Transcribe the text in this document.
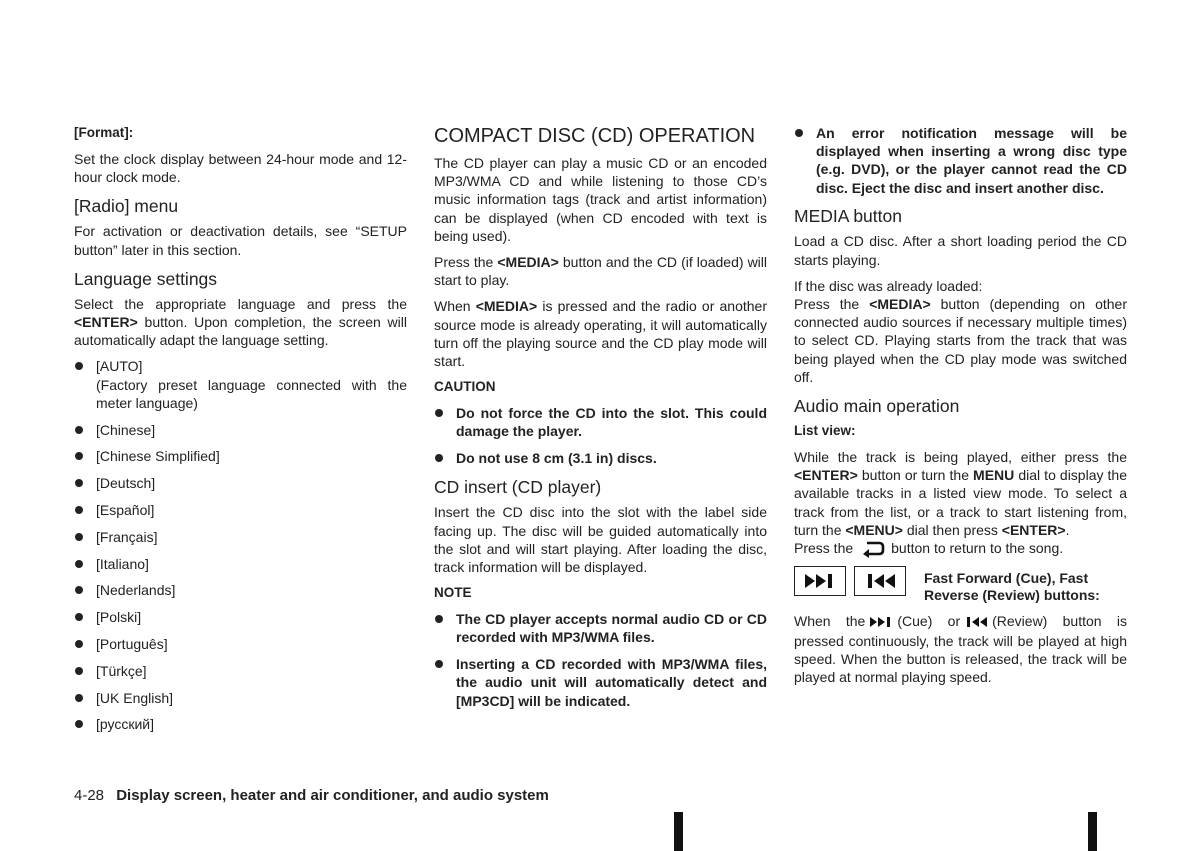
[Format]:
Set the clock display between 24-hour mode and 12-hour clock mode.
[Radio] menu
For activation or deactivation details, see “SETUP button” later in this section.
Language settings
Select the appropriate language and press the <ENTER> button. Upon completion, the screen will automatically adapt the language setting.
[AUTO]
(Factory preset language connected with the meter language)
[Chinese]
[Chinese Simplified]
[Deutsch]
[Español]
[Français]
[Italiano]
[Nederlands]
[Polski]
[Português]
[Türkçe]
[UK English]
[русский]
COMPACT DISC (CD) OPERATION
The CD player can play a music CD or an encoded MP3/WMA CD and while listening to those CD’s music information tags (track and artist information) can be displayed (when CD encoded with text is being used).
Press the <MEDIA> button and the CD (if loaded) will start to play.
When <MEDIA> is pressed and the radio or another source mode is already operating, it will automatically turn off the playing source and the CD play mode will start.
CAUTION
Do not force the CD into the slot. This could damage the player.
Do not use 8 cm (3.1 in) discs.
CD insert (CD player)
Insert the CD disc into the slot with the label side facing up. The disc will be guided automatically into the slot and will start playing. After loading the disc, track information will be displayed.
NOTE
The CD player accepts normal audio CD or CD recorded with MP3/WMA files.
Inserting a CD recorded with MP3/WMA files, the audio unit will automatically detect and [MP3CD] will be indicated.
An error notification message will be displayed when inserting a wrong disc type (e.g. DVD), or the player cannot read the CD disc. Eject the disc and insert another disc.
MEDIA button
Load a CD disc. After a short loading period the CD starts playing.
If the disc was already loaded:
Press the <MEDIA> button (depending on other connected audio sources if necessary multiple times) to select CD. Playing starts from the track that was being played when the CD play mode was switched off.
Audio main operation
List view:
While the track is being played, either press the <ENTER> button or turn the MENU dial to display the available tracks in a listed view mode. To select a track from the list, or a track to start listening from, turn the <MENU> dial then press <ENTER>.
Press the	button to return to the song.
Fast Forward (Cue), Fast Reverse (Review) buttons:
When the (Cue) or (Review) button is pressed continuously, the track will be played at high speed. When the button is released, the track will be played at normal playing speed.
4-28 Display screen, heater and air conditioner, and audio system
